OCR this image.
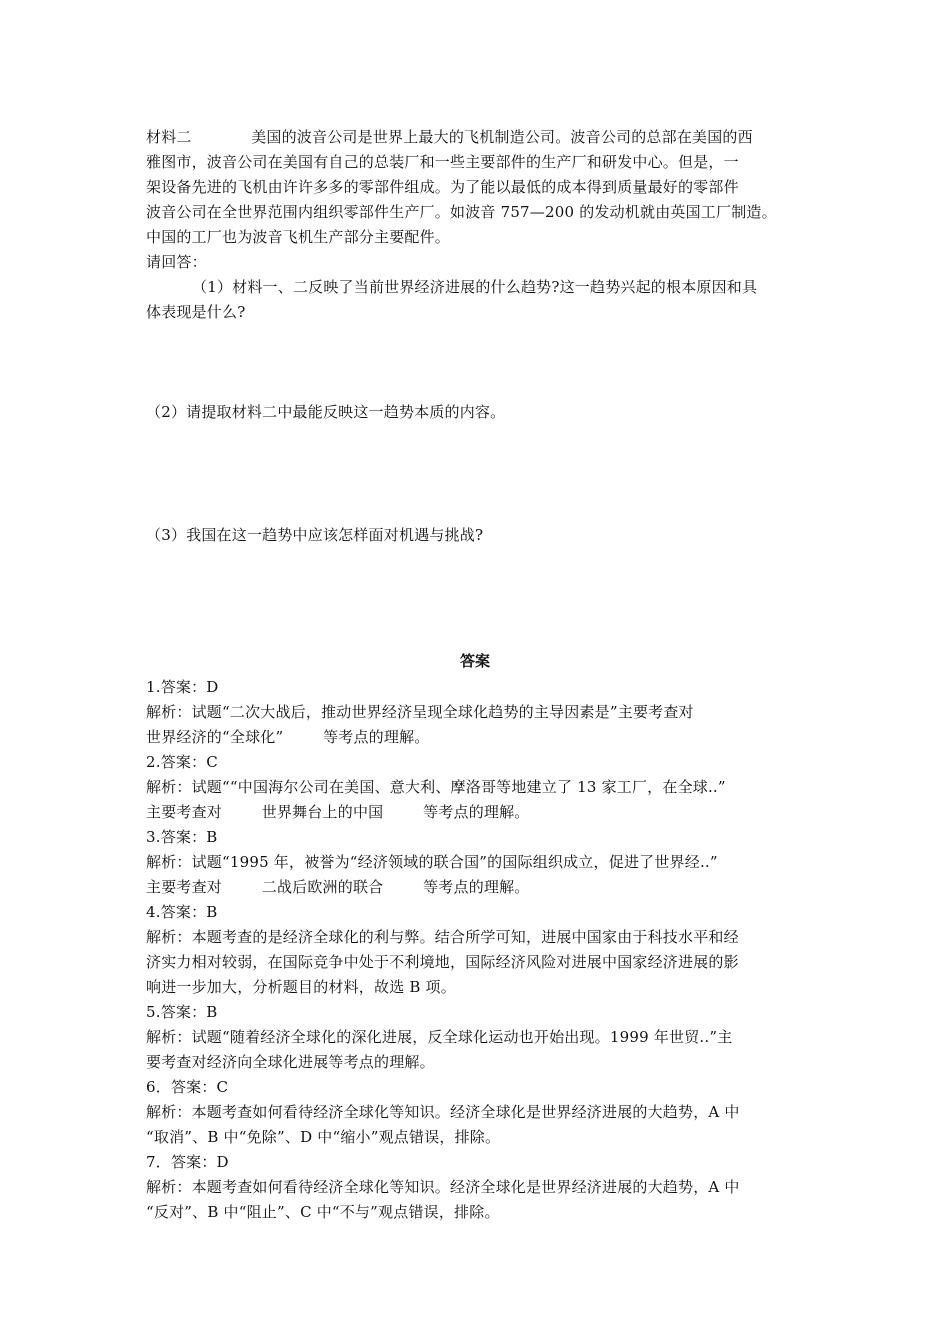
材料二            美国的波音公司是世界上最大的飞机制造公司。波音公司的总部在美国的西
雅图市，波音公司在美国有自己的总装厂和一些主要部件的生产厂和研发中心。但是，一
架设备先进的飞机由许许多多的零部件组成。为了能以最低的成本得到质量最好的零部件
波音公司在全世界范围内组织零部件生产厂。如波音 757—200 的发动机就由英国工厂制造。
中国的工厂也为波音飞机生产部分主要配件。
请回答：
（1）材料一、二反映了当前世界经济进展的什么趋势?这一趋势兴起的根本原因和具
体表现是什么?
（2）请提取材料二中最能反映这一趋势本质的内容。
（3）我国在这一趋势中应该怎样面对机遇与挑战?
答案
1.答案：D
解析：试题“二次大战后，推动世界经济呈现全球化趋势的主导因素是”主要考查对
世界经济的“全球化”        等考点的理解。
2.答案：C
解析：试题““中国海尔公司在美国、意大利、摩洛哥等地建立了 13 家工厂，在全球..”
主要考查对        世界舞台上的中国        等考点的理解。
3.答案：B
解析：试题“1995 年，被誉为“经济领域的联合国”的国际组织成立，促进了世界经..”
主要考查对        二战后欧洲的联合        等考点的理解。
4.答案：B
解析：本题考查的是经济全球化的利与弊。结合所学可知，进展中国家由于科技水平和经
济实力相对较弱，在国际竞争中处于不利境地，国际经济风险对进展中国家经济进展的影
响进一步加大，分析题目的材料，故选 B 项。
5.答案：B
解析：试题“随着经济全球化的深化进展，反全球化运动也开始出现。1999 年世贸..”主
要考查对经济向全球化进展等考点的理解。
6．答案：C
解析：本题考查如何看待经济全球化等知识。经济全球化是世界经济进展的大趋势，A 中
“取消”、B 中“免除”、D 中“缩小”观点错误，排除。
7．答案：D
解析：本题考查如何看待经济全球化等知识。经济全球化是世界经济进展的大趋势，A 中
“反对”、B 中“阻止”、C 中“不与”观点错误，排除。
